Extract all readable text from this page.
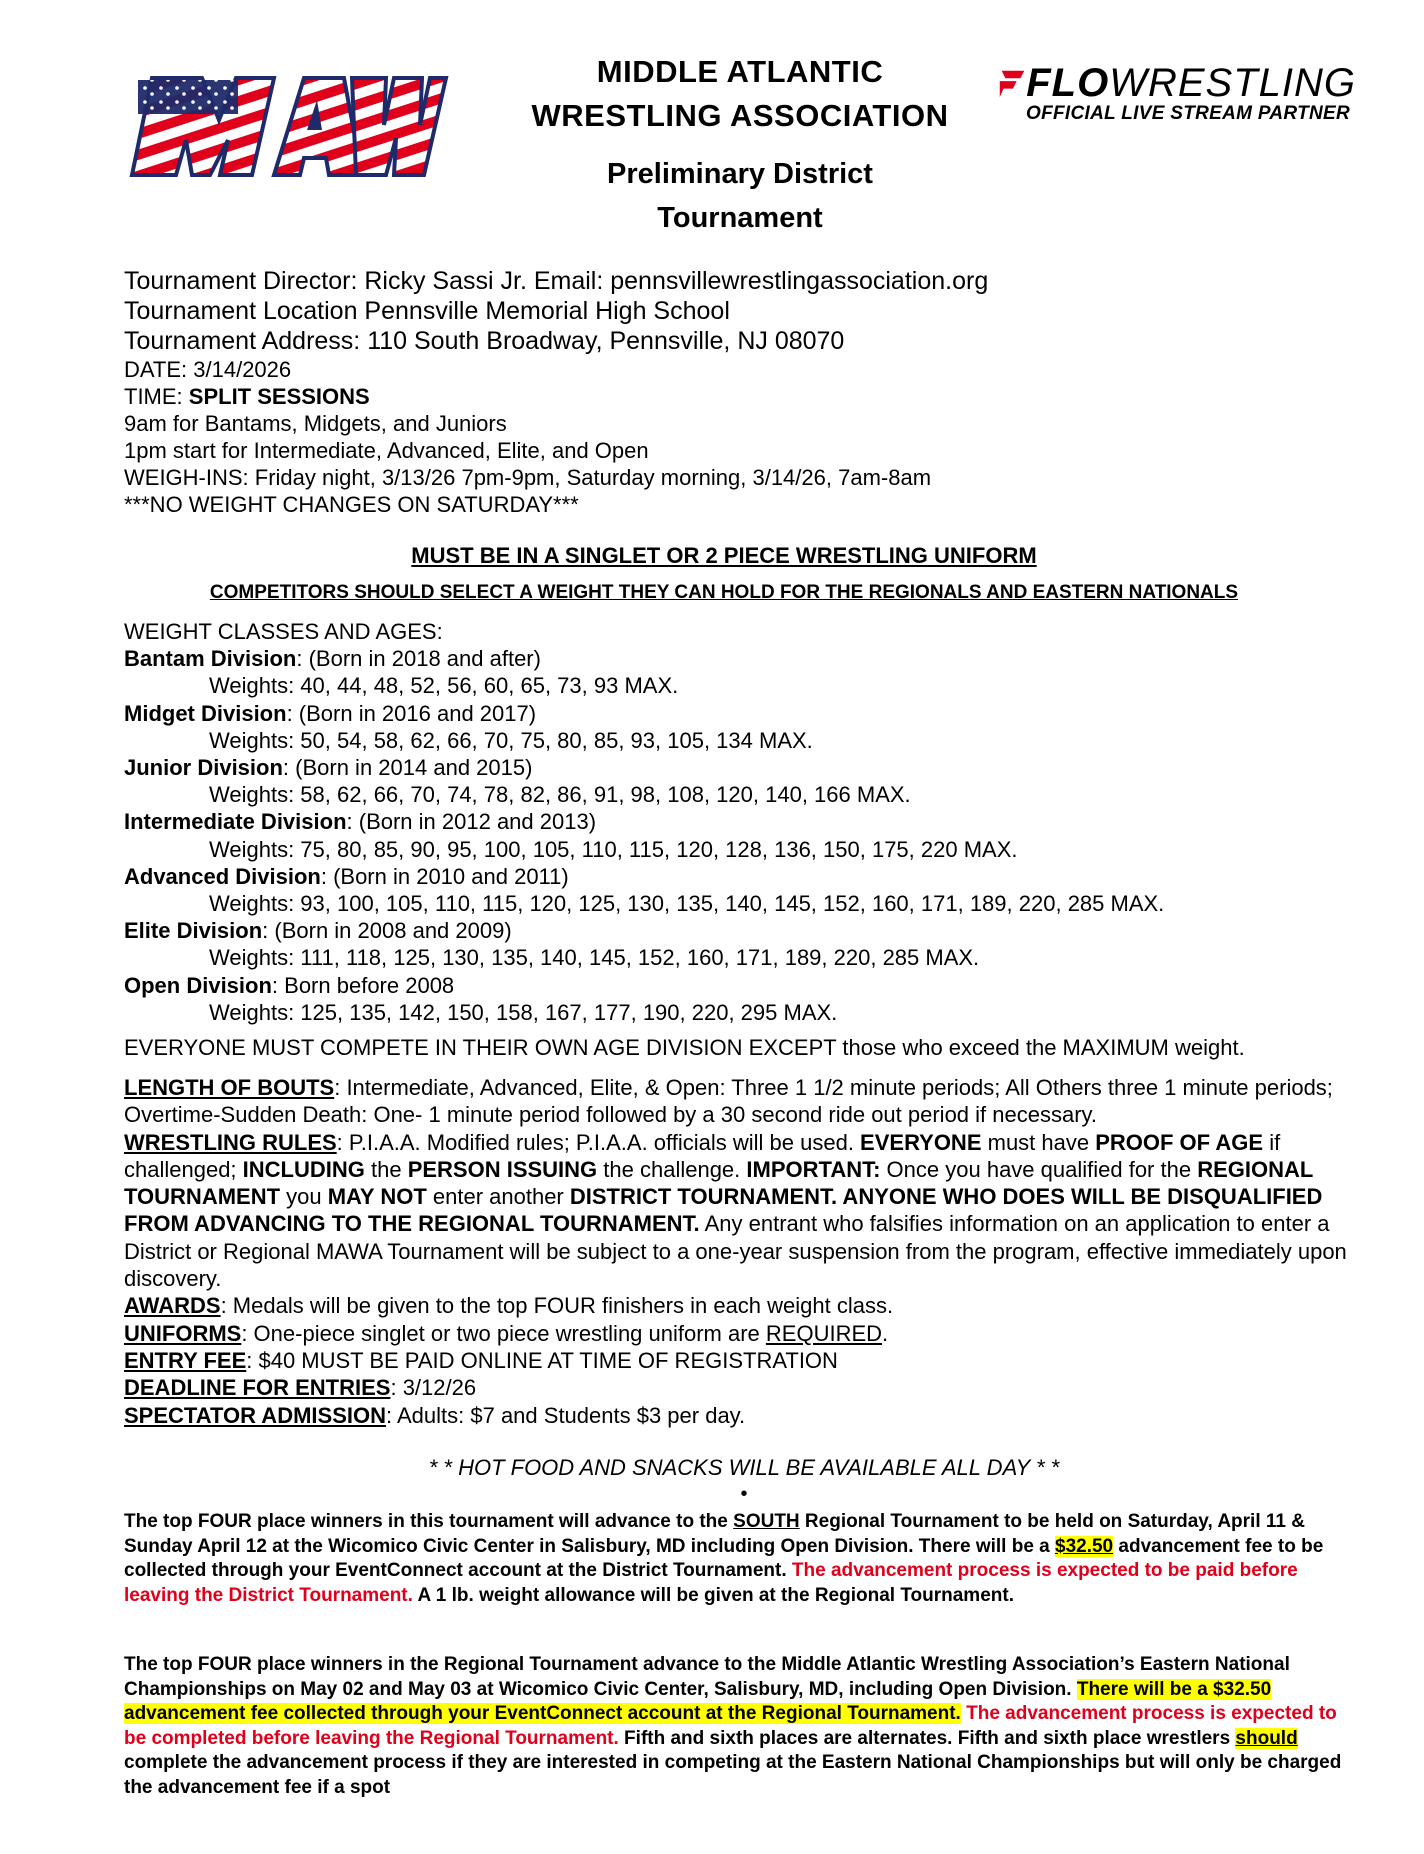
MIDDLE ATLANTIC
WRESTLING ASSOCIATION
Preliminary District
Tournament
FLO WRESTLING
OFFICIAL LIVE STREAM PARTNER
Tournament Director: Ricky Sassi Jr. Email: pennsvillewrestlingassociation.org
Tournament Location Pennsville Memorial High School
Tournament Address: 110 South Broadway, Pennsville, NJ 08070
DATE: 3/14/2026
TIME: SPLIT SESSIONS
9am for Bantams, Midgets, and Juniors
1pm start for Intermediate, Advanced, Elite, and Open
WEIGH-INS: Friday night, 3/13/26 7pm-9pm, Saturday morning, 3/14/26, 7am-8am
***NO WEIGHT CHANGES ON SATURDAY***
MUST BE IN A SINGLET OR 2 PIECE WRESTLING UNIFORM
COMPETITORS SHOULD SELECT A WEIGHT THEY CAN HOLD FOR THE REGIONALS AND EASTERN NATIONALS
WEIGHT CLASSES AND AGES:
Bantam Division: (Born in 2018 and after)
Weights: 40, 44, 48, 52, 56, 60, 65, 73, 93 MAX.
Midget Division: (Born in 2016 and 2017)
Weights: 50, 54, 58, 62, 66, 70, 75, 80, 85, 93, 105, 134 MAX.
Junior Division: (Born in 2014 and 2015)
Weights: 58, 62, 66, 70, 74, 78, 82, 86, 91, 98, 108, 120, 140, 166 MAX.
Intermediate Division: (Born in 2012 and 2013)
Weights: 75, 80, 85, 90, 95, 100, 105, 110, 115, 120, 128, 136, 150, 175, 220 MAX.
Advanced Division: (Born in 2010 and 2011)
Weights: 93, 100, 105, 110, 115, 120, 125, 130, 135, 140, 145, 152, 160, 171, 189, 220, 285 MAX.
Elite Division: (Born in 2008 and 2009)
Weights: 111, 118, 125, 130, 135, 140, 145, 152, 160, 171, 189, 220, 285 MAX.
Open Division: Born before 2008
Weights: 125, 135, 142, 150, 158, 167, 177, 190, 220, 295 MAX.
EVERYONE MUST COMPETE IN THEIR OWN AGE DIVISION EXCEPT those who exceed the MAXIMUM weight.
LENGTH OF BOUTS: Intermediate, Advanced, Elite, & Open: Three 1 1/2 minute periods; All Others three 1 minute periods; Overtime-Sudden Death: One- 1 minute period followed by a 30 second ride out period if necessary.
WRESTLING RULES: P.I.A.A. Modified rules; P.I.A.A. officials will be used. EVERYONE must have PROOF OF AGE if challenged; INCLUDING the PERSON ISSUING the challenge. IMPORTANT: Once you have qualified for the REGIONAL TOURNAMENT you MAY NOT enter another DISTRICT TOURNAMENT. ANYONE WHO DOES WILL BE DISQUALIFIED FROM ADVANCING TO THE REGIONAL TOURNAMENT. Any entrant who falsifies information on an application to enter a District or Regional MAWA Tournament will be subject to a one-year suspension from the program, effective immediately upon discovery.
AWARDS: Medals will be given to the top FOUR finishers in each weight class.
UNIFORMS: One-piece singlet or two piece wrestling uniform are REQUIRED.
ENTRY FEE: $40 MUST BE PAID ONLINE AT TIME OF REGISTRATION
DEADLINE FOR ENTRIES: 3/12/26
SPECTATOR ADMISSION: Adults: $7 and Students $3 per day.
* * HOT FOOD AND SNACKS WILL BE AVAILABLE ALL DAY * *
•
The top FOUR place winners in this tournament will advance to the SOUTH Regional Tournament to be held on Saturday, April 11 & Sunday April 12 at the Wicomico Civic Center in Salisbury, MD including Open Division. There will be a $32.50 advancement fee to be collected through your EventConnect account at the District Tournament. The advancement process is expected to be paid before leaving the District Tournament. A 1 lb. weight allowance will be given at the Regional Tournament.
The top FOUR place winners in the Regional Tournament advance to the Middle Atlantic Wrestling Association’s Eastern National Championships on May 02 and May 03 at Wicomico Civic Center, Salisbury, MD, including Open Division. There will be a $32.50 advancement fee collected through your EventConnect account at the Regional Tournament. The advancement process is expected to be completed before leaving the Regional Tournament. Fifth and sixth places are alternates. Fifth and sixth place wrestlers should complete the advancement process if they are interested in competing at the Eastern National Championships but will only be charged the advancement fee if a spot
